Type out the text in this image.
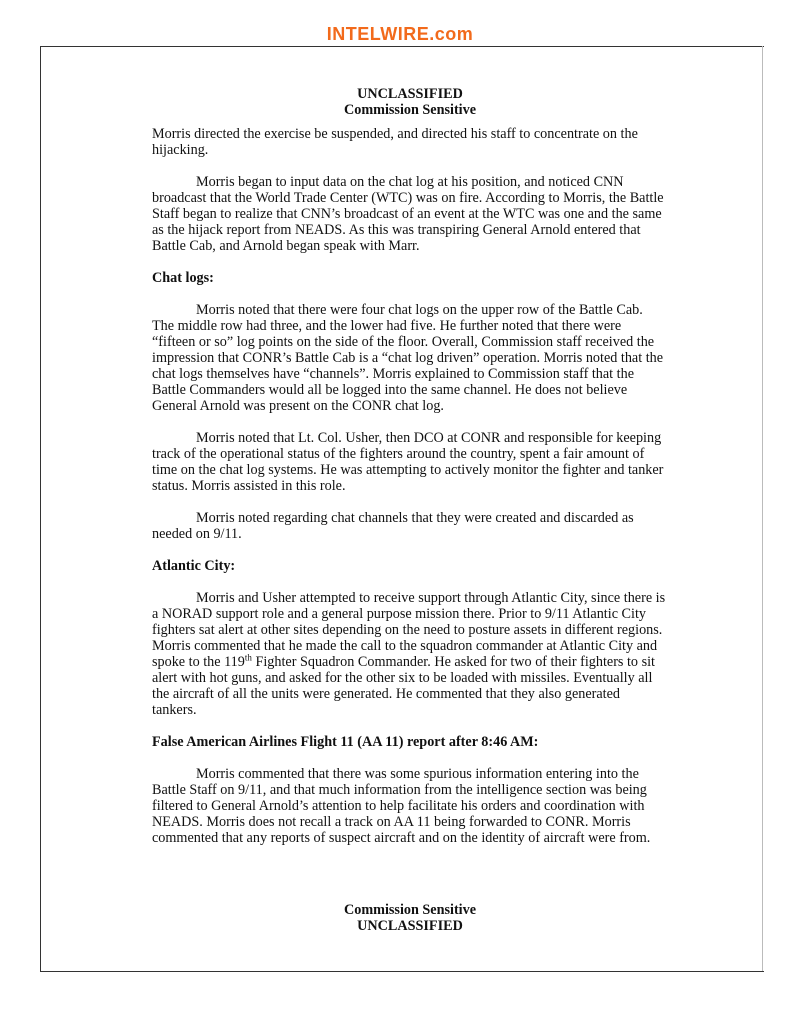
INTELWIRE.com
UNCLASSIFIED
Commission Sensitive

Morris directed the exercise be suspended, and directed his staff to concentrate on the hijacking.

Morris began to input data on the chat log at his position, and noticed CNN broadcast that the World Trade Center (WTC) was on fire. According to Morris, the Battle Staff began to realize that CNN’s broadcast of an event at the WTC was one and the same as the hijack report from NEADS. As this was transpiring General Arnold entered that Battle Cab, and Arnold began speak with Marr.

Chat logs:

Morris noted that there were four chat logs on the upper row of the Battle Cab. The middle row had three, and the lower had five. He further noted that there were “fifteen or so” log points on the side of the floor. Overall, Commission staff received the impression that CONR’s Battle Cab is a “chat log driven” operation. Morris noted that the chat logs themselves have “channels”. Morris explained to Commission staff that the Battle Commanders would all be logged into the same channel. He does not believe General Arnold was present on the CONR chat log.

Morris noted that Lt. Col. Usher, then DCO at CONR and responsible for keeping track of the operational status of the fighters around the country, spent a fair amount of time on the chat log systems. He was attempting to actively monitor the fighter and tanker status. Morris assisted in this role.

Morris noted regarding chat channels that they were created and discarded as needed on 9/11.

Atlantic City:

Morris and Usher attempted to receive support through Atlantic City, since there is a NORAD support role and a general purpose mission there. Prior to 9/11 Atlantic City fighters sat alert at other sites depending on the need to posture assets in different regions. Morris commented that he made the call to the squadron commander at Atlantic City and spoke to the 119th Fighter Squadron Commander. He asked for two of their fighters to sit alert with hot guns, and asked for the other six to be loaded with missiles. Eventually all the aircraft of all the units were generated. He commented that they also generated tankers.

False American Airlines Flight 11 (AA 11) report after 8:46 AM:

Morris commented that there was some spurious information entering into the Battle Staff on 9/11, and that much information from the intelligence section was being filtered to General Arnold’s attention to help facilitate his orders and coordination with NEADS. Morris does not recall a track on AA 11 being forwarded to CONR. Morris commented that any reports of suspect aircraft and on the identity of aircraft were from.

Commission Sensitive
UNCLASSIFIED
